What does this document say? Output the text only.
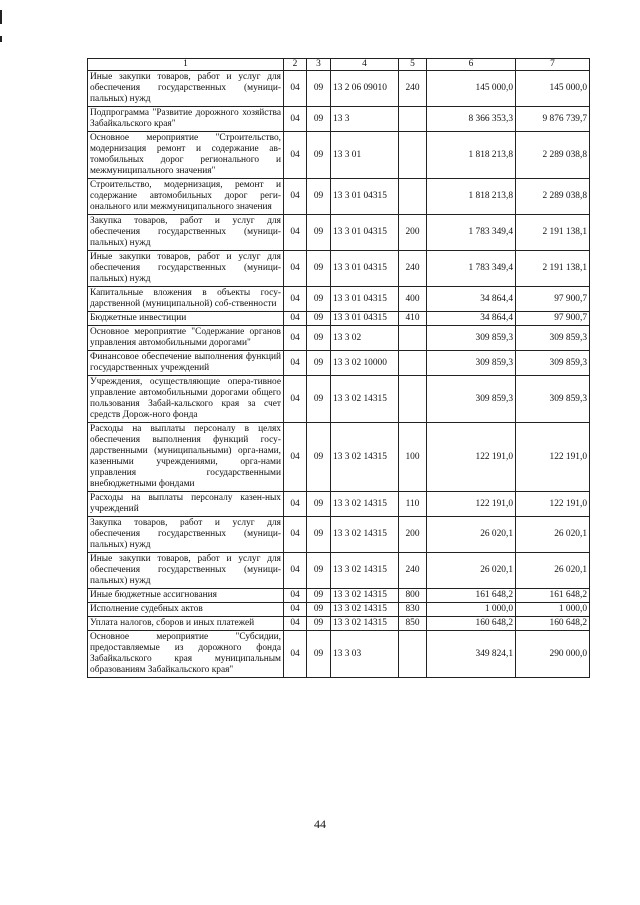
1	2	3	4	5	6	7
Иные закупки товаров, работ и услуг для обеспечения государственных (муници-пальных) нужд	04	09	13 2 06 09010	240	145 000,0	145 000,0
Подпрограмма "Развитие дорожного хозяйства Забайкальского края"	04	09	13 3		8 366 353,3	9 876 739,7
Основное мероприятие "Строительство, модернизация ремонт и содержание ав-томобильных дорог регионального и межмуниципального значения"	04	09	13 3 01		1 818 213,8	2 289 038,8
Строительство, модернизация, ремонт и содержание автомобильных дорог реги-онального или межмуниципального значения	04	09	13 3 01 04315		1 818 213,8	2 289 038,8
Закупка товаров, работ и услуг для обеспечения государственных (муници-пальных) нужд	04	09	13 3 01 04315	200	1 783 349,4	2 191 138,1
Иные закупки товаров, работ и услуг для обеспечения государственных (муници-пальных) нужд	04	09	13 3 01 04315	240	1 783 349,4	2 191 138,1
Капитальные вложения в объекты госу-дарственной (муниципальной) соб-ственности	04	09	13 3 01 04315	400	34 864,4	97 900,7
Бюджетные инвестиции	04	09	13 3 01 04315	410	34 864,4	97 900,7
Основное мероприятие "Содержание органов управления автомобильными дорогами"	04	09	13 3 02		309 859,3	309 859,3
Финансовое обеспечение выполнения функций государственных учреждений	04	09	13 3 02 10000		309 859,3	309 859,3
Учреждения, осуществляющие опера-тивное управление автомобильными дорогами общего пользования Забай-кальского края за счет средств Дорож-ного фонда	04	09	13 3 02 14315		309 859,3	309 859,3
Расходы на выплаты персоналу в целях обеспечения выполнения функций госу-дарственными (муниципальными) орга-нами, казенными учреждениями, орга-нами управления государственными внебюджетными фондами	04	09	13 3 02 14315	100	122 191,0	122 191,0
Расходы на выплаты персоналу казен-ных учреждений	04	09	13 3 02 14315	110	122 191,0	122 191,0
Закупка товаров, работ и услуг для обеспечения государственных (муници-пальных) нужд	04	09	13 3 02 14315	200	26 020,1	26 020,1
Иные закупки товаров, работ и услуг для обеспечения государственных (муници-пальных) нужд	04	09	13 3 02 14315	240	26 020,1	26 020,1
Иные бюджетные ассигнования	04	09	13 3 02 14315	800	161 648,2	161 648,2
Исполнение судебных актов	04	09	13 3 02 14315	830	1 000,0	1 000,0
Уплата налогов, сборов и иных платежей	04	09	13 3 02 14315	850	160 648,2	160 648,2
Основное мероприятие "Субсидии, предоставляемые из дорожного фонда Забайкальского края муниципальным образованиям Забайкальского края"	04	09	13 3 03		349 824,1	290 000,0
44
